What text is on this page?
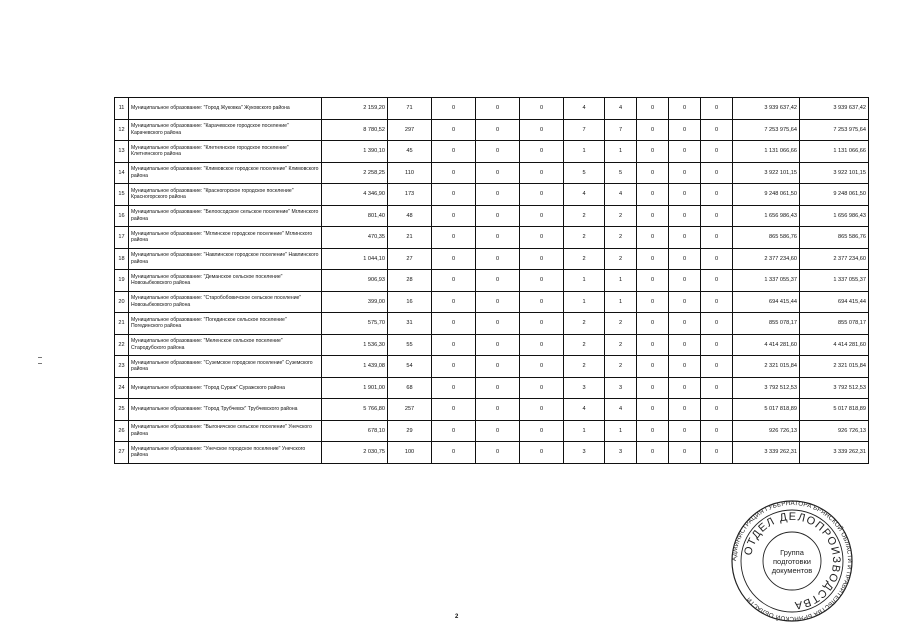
11	Муниципальное образование: "Город Жуковка" Жуковского района	2 159,20	71	0	0	0	4	4	0	0	0	3 939 637,42	3 939 637,42
12	Муниципальное образование: "Карачевское городское поселение" Карачевского района	8 780,52	297	0	0	0	7	7	0	0	0	7 253 975,64	7 253 975,64
13	Муниципальное образование: "Клетнянское городское поселение" Клетнянского района	1 390,10	45	0	0	0	1	1	0	0	0	1 131 066,66	1 131 066,66
14	Муниципальное образование: "Климовское городское поселение" Климовского района	2 258,25	110	0	0	0	5	5	0	0	0	3 922 101,15	3 922 101,15
15	Муниципальное образование: "Красногорское городское поселение" Красногорского района	4 346,90	173	0	0	0	4	4	0	0	0	9 248 061,50	9 248 061,50
16	Муниципальное образование: "Белоосодское сельское поселение" Мглинского района	801,40	48	0	0	0	2	2	0	0	0	1 656 986,43	1 656 986,43
17	Муниципальное образование: "Мглинское городское поселение" Мглинского района	470,35	21	0	0	0	2	2	0	0	0	865 586,76	865 586,76
18	Муниципальное образование: "Навлинское городское поселение" Навлинского района	1 044,10	27	0	0	0	2	2	0	0	0	2 377 234,60	2 377 234,60
19	Муниципальное образование: "Деманское сельское поселение" Новозыбковского района	906,93	28	0	0	0	1	1	0	0	0	1 337 055,37	1 337 055,37
20	Муниципальное образование: "Старобобовичское сельское поселение" Новозыбковского района	399,00	16	0	0	0	1	1	0	0	0	694 415,44	694 415,44
21	Муниципальное образование: "Погединское сельское поселение" Погединского района	575,70	31	0	0	0	2	2	0	0	0	855 078,17	855 078,17
22	Муниципальное образование: "Меленское сельское поселение" Стародубского района	1 536,30	55	0	0	0	2	2	0	0	0	4 414 281,60	4 414 281,60
23	Муниципальное образование: "Суземское городское поселение" Суземского района	1 439,08	54	0	0	0	2	2	0	0	0	2 321 015,84	2 321 015,84
24	Муниципальное образование: "Город Сураж" Суражского района	1 901,00	68	0	0	0	3	3	0	0	0	3 792 512,53	3 792 512,53
25	Муниципальное образование: "Город Трубчевск" Трубчевского района	5 766,80	257	0	0	0	4	4	0	0	0	5 017 818,89	5 017 818,89
26	Муниципальное образование: "Выгоничское сельское поселение" Унечского района	678,10	29	0	0	0	1	1	0	0	0	926 726,13	926 726,13
27	Муниципальное образование: "Унечское городское поселение" Унечского района	2 030,75	100	0	0	0	3	3	0	0	0	3 339 262,31	3 339 262,31
2
АДМИНИСТРАЦИЯ ГУБЕРНАТОРА БРЯНСКОЙ ОБЛАСТИ И ПРАВИТЕЛЬСТВА БРЯНСКОЙ ОБЛАСТИ
ОТДЕЛ ДЕЛОПРОИЗВОДСТВА
Группа
подготовки
документов
